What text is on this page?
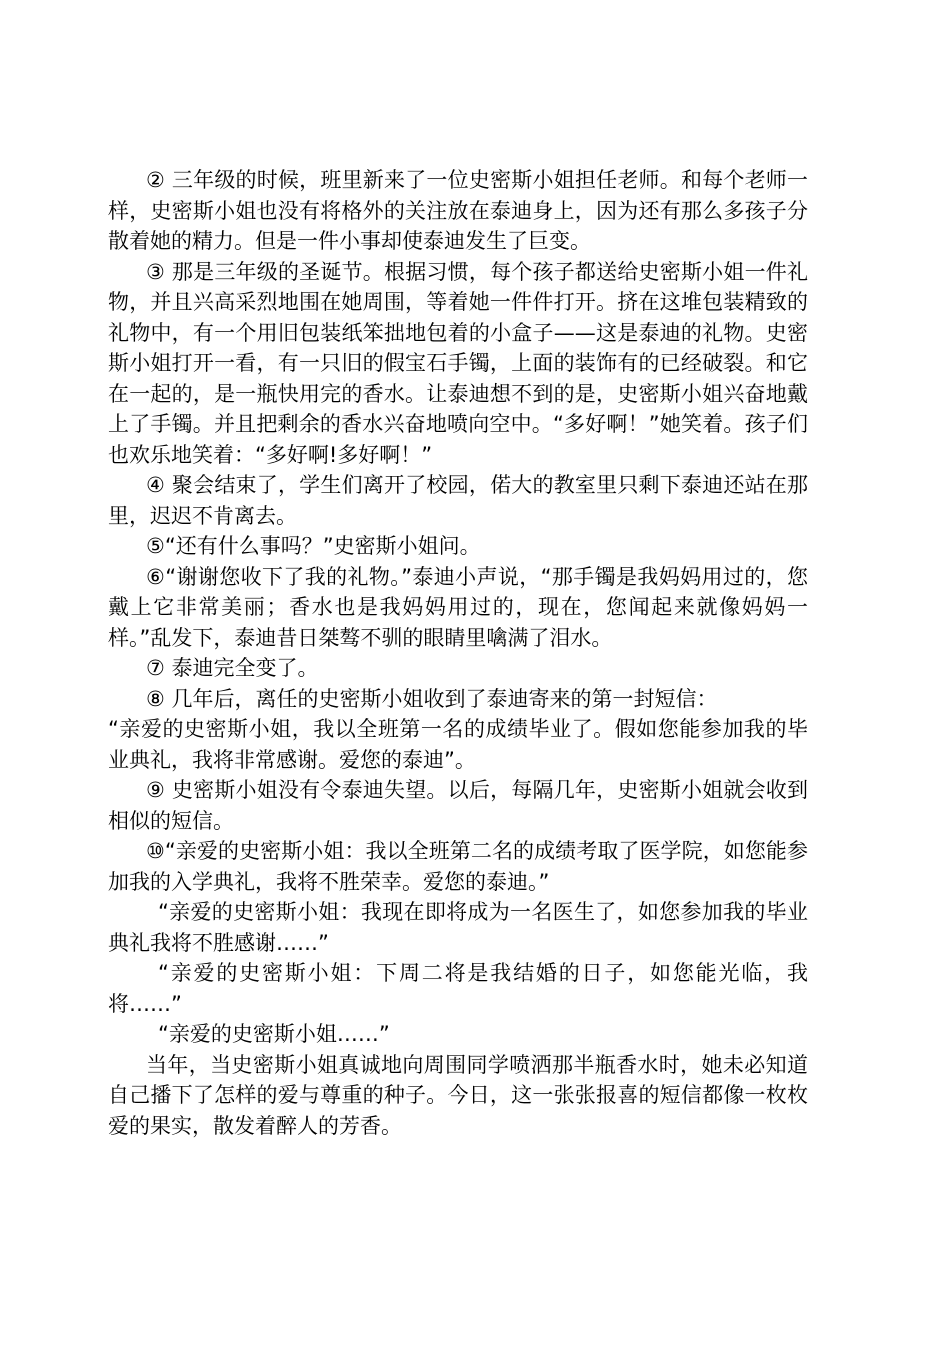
② 三年级的时候，班里新来了一位史密斯小姐担任老师。和每个老师一样，史密斯小姐也没有将格外的关注放在泰迪身上，因为还有那么多孩子分散着她的精力。但是一件小事却使泰迪发生了巨变。

③ 那是三年级的圣诞节。根据习惯，每个孩子都送给史密斯小姐一件礼物，并且兴高采烈地围在她周围，等着她一件件打开。挤在这堆包装精致的礼物中，有一个用旧包装纸笨拙地包着的小盒子——这是泰迪的礼物。史密斯小姐打开一看，有一只旧的假宝石手镯，上面的装饰有的已经破裂。和它在一起的，是一瓶快用完的香水。让泰迪想不到的是，史密斯小姐兴奋地戴上了手镯。并且把剩余的香水兴奋地喷向空中。“多好啊！”她笑着。孩子们也欢乐地笑着：“多好啊!多好啊！”

④ 聚会结束了，学生们离开了校园，偌大的教室里只剩下泰迪还站在那里，迟迟不肯离去。

⑤“还有什么事吗？”史密斯小姐问。

⑥“谢谢您收下了我的礼物。”泰迪小声说，“那手镯是我妈妈用过的，您戴上它非常美丽；香水也是我妈妈用过的，现在，您闻起来就像妈妈一样。”乱发下，泰迪昔日桀骜不驯的眼睛里噙满了泪水。

⑦ 泰迪完全变了。

⑧ 几年后，离任的史密斯小姐收到了泰迪寄来的第一封短信：

“亲爱的史密斯小姐，我以全班第一名的成绩毕业了。假如您能参加我的毕业典礼，我将非常感谢。爱您的泰迪”。

⑨ 史密斯小姐没有令泰迪失望。以后，每隔几年，史密斯小姐就会收到相似的短信。

⑩“亲爱的史密斯小姐：我以全班第二名的成绩考取了医学院，如您能参加我的入学典礼，我将不胜荣幸。爱您的泰迪。”

“亲爱的史密斯小姐：我现在即将成为一名医生了，如您参加我的毕业典礼我将不胜感谢……”

“亲爱的史密斯小姐：下周二将是我结婚的日子，如您能光临，我将……”

“亲爱的史密斯小姐……”

当年，当史密斯小姐真诚地向周围同学喷洒那半瓶香水时，她未必知道自己播下了怎样的爱与尊重的种子。今日，这一张张报喜的短信都像一枚枚爱的果实，散发着醉人的芳香。
